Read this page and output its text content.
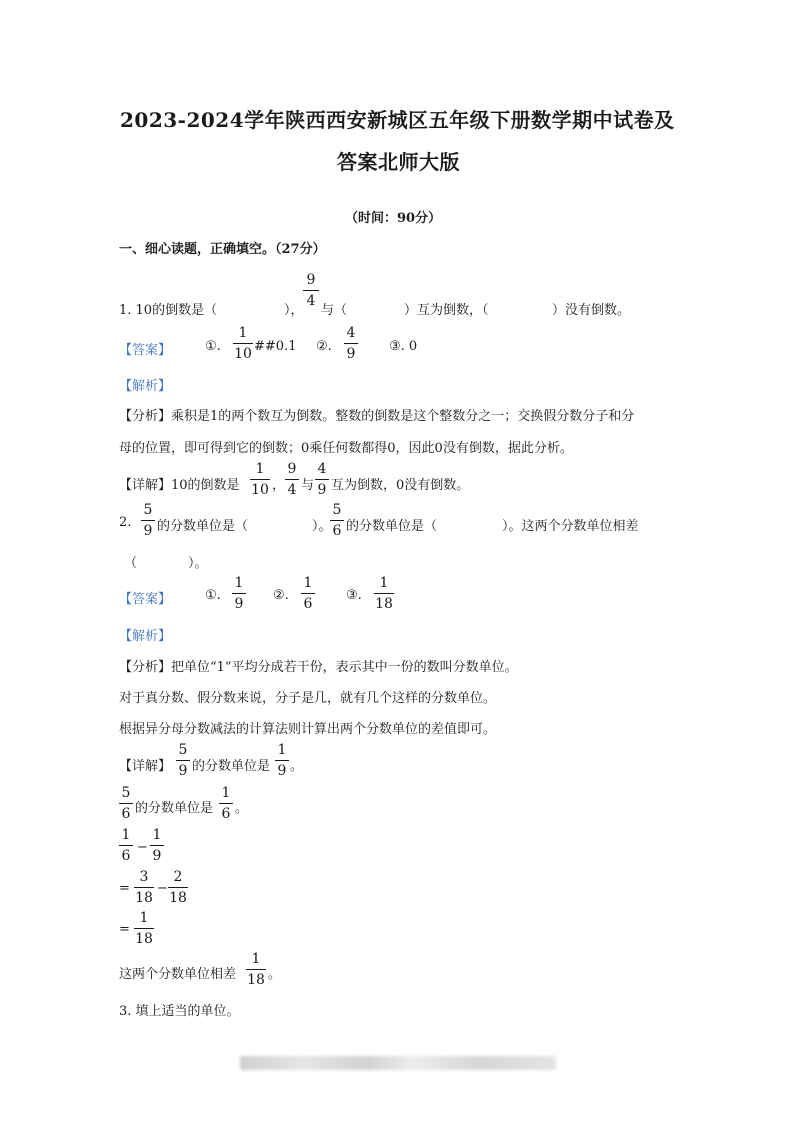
2023-2024学年陕西西安新城区五年级下册数学期中试卷及
答案北师大版
（时间：90分）
一、细心读题，正确填空。（27分）
1. 10的倒数是（	），
9
4
与（	）互为倒数，（	）没有倒数。
【答案】	①.
1
10 ##0.1 ②.
4
9	③. 0
【解析】
【分析】乘积是1的两个数互为倒数。整数的倒数是这个整数分之一；交换假分数分子和分
母的位置，即可得到它的倒数；0乘任何数都得0，因此0没有倒数，据此分析。
【详解】10的倒数是
1
10 ，
9
4 与
4
9 互为倒数，0没有倒数。
2.
5
9 的分数单位是（	）。
5
6 的分数单位是（	）。这两个分数单位相差
（	）。
【答案】	①.
1
9
②.
1
6
③.
1
18
【解析】
【分析】把单位“1”平均分成若干份，表示其中一份的数叫分数单位。
对于真分数、假分数来说，分子是几，就有几个这样的分数单位。
根据异分母分数减法的计算法则计算出两个分数单位的差值即可。
【详解】
5
9 的分数单位是
1
9 。
5
6 的分数单位是
1
6 。
1
6
−
1
9
=
3
18
−
2
18
=
1
18
这两个分数单位相差
1
18 。
3. 填上适当的单位。
